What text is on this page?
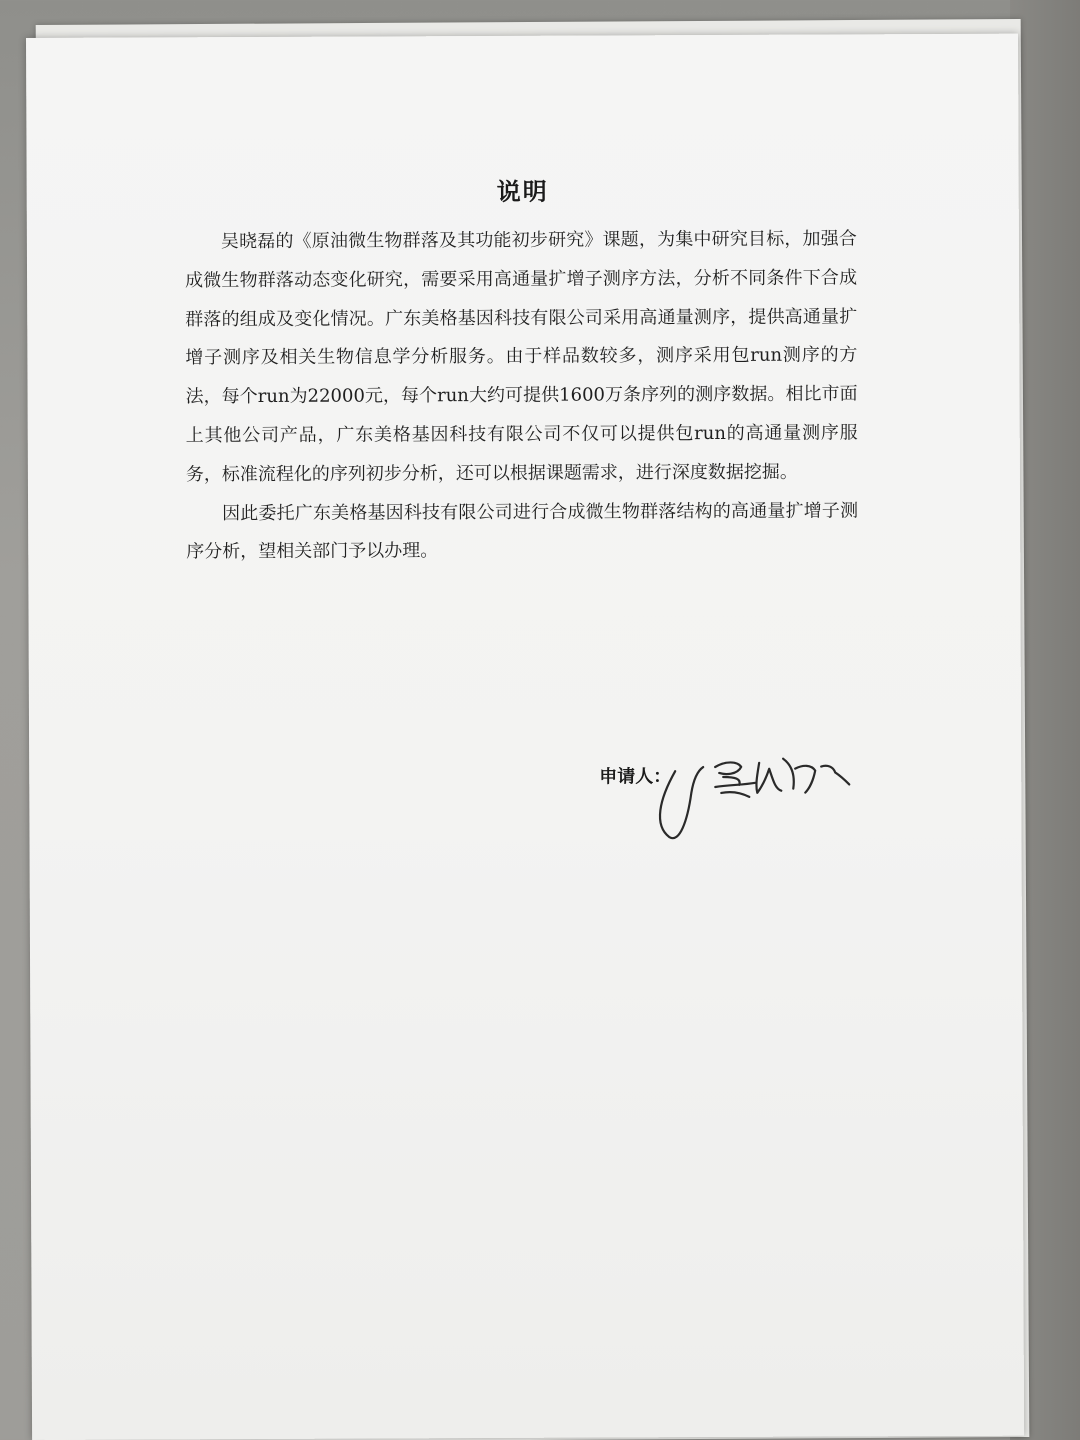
说明

吴晓磊的《原油微生物群落及其功能初步研究》课题，为集中研究目标，加强合成微生物群落动态变化研究，需要采用高通量扩增子测序方法，分析不同条件下合成群落的组成及变化情况。广东美格基因科技有限公司采用高通量测序，提供高通量扩增子测序及相关生物信息学分析服务。由于样品数较多，测序采用包run测序的方法，每个run为22000元，每个run大约可提供1600万条序列的测序数据。相比市面上其他公司产品，广东美格基因科技有限公司不仅可以提供包run的高通量测序服务，标准流程化的序列初步分析，还可以根据课题需求，进行深度数据挖掘。

因此委托广东美格基因科技有限公司进行合成微生物群落结构的高通量扩增子测序分析，望相关部门予以办理。

申请人：
